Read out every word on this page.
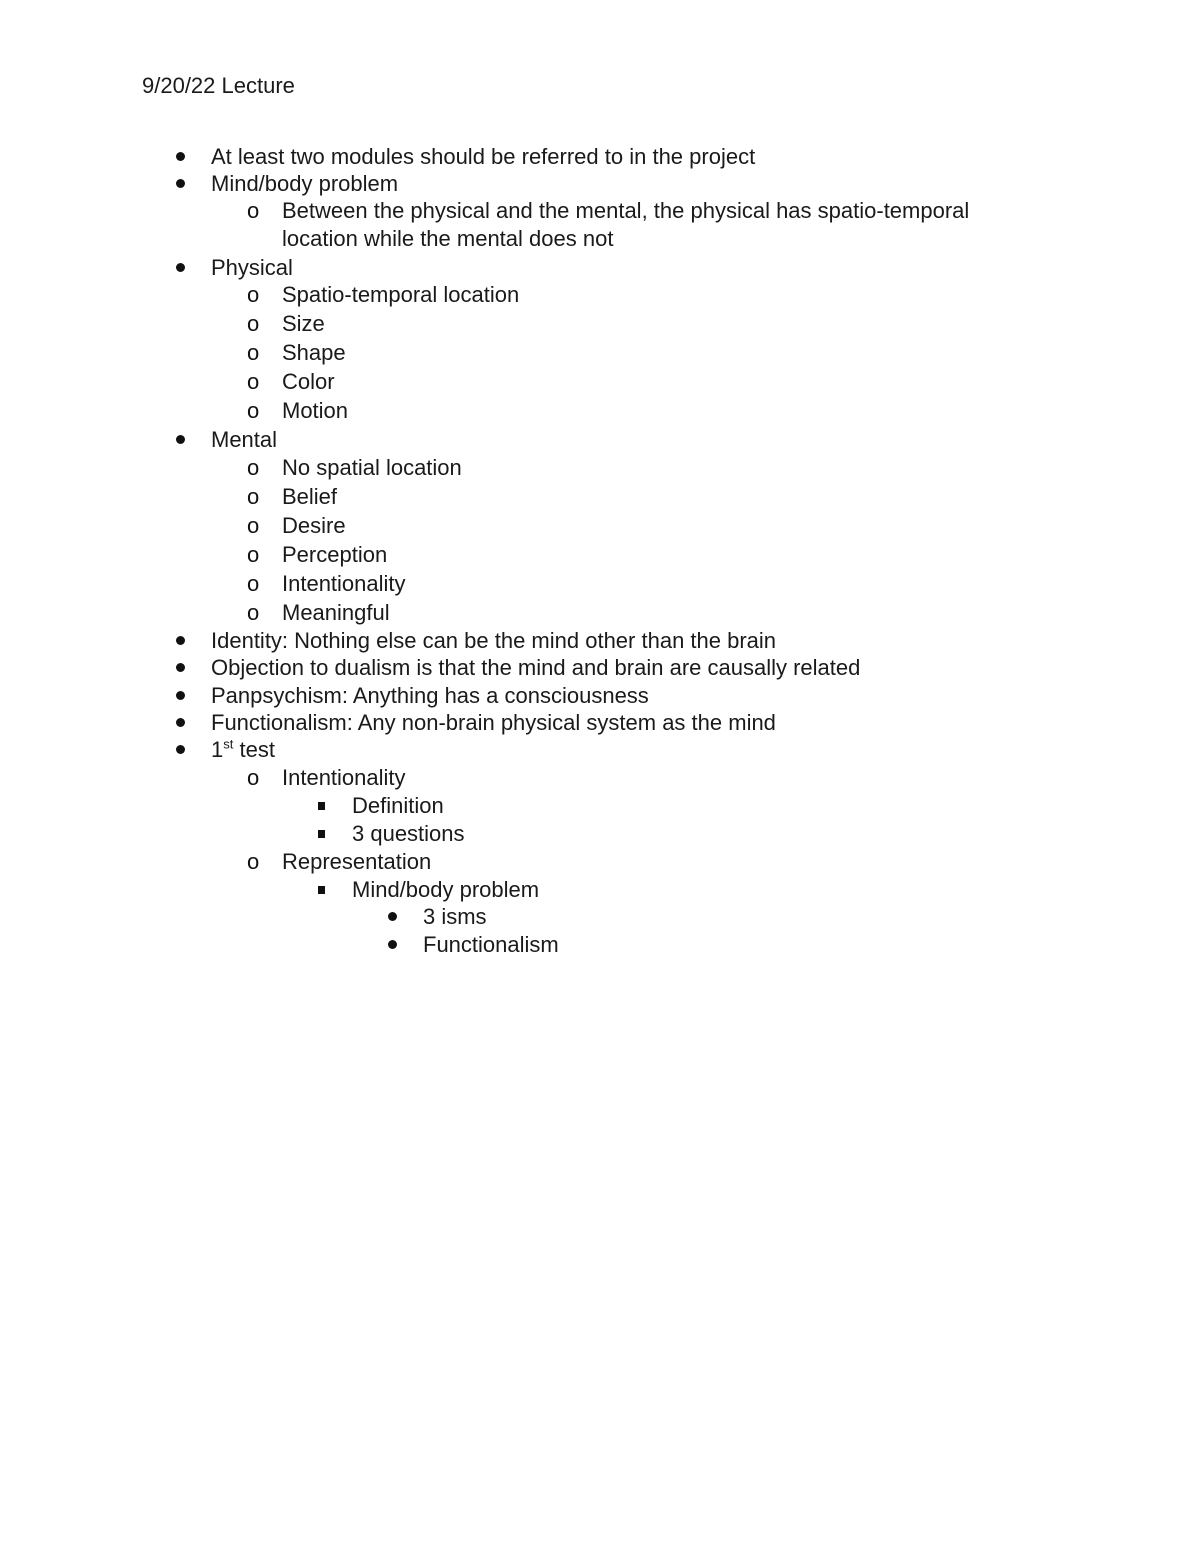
9/20/22 Lecture
At least two modules should be referred to in the project
Mind/body problem
o Between the physical and the mental, the physical has spatio-temporal location while the mental does not
Physical
o Spatio-temporal location
o Size
o Shape
o Color
o Motion
Mental
o No spatial location
o Belief
o Desire
o Perception
o Intentionality
o Meaningful
Identity: Nothing else can be the mind other than the brain
Objection to dualism is that the mind and brain are causally related
Panpsychism: Anything has a consciousness
Functionalism: Any non-brain physical system as the mind
1st test
o Intentionality
Definition
3 questions
o Representation
Mind/body problem
3 isms
Functionalism
